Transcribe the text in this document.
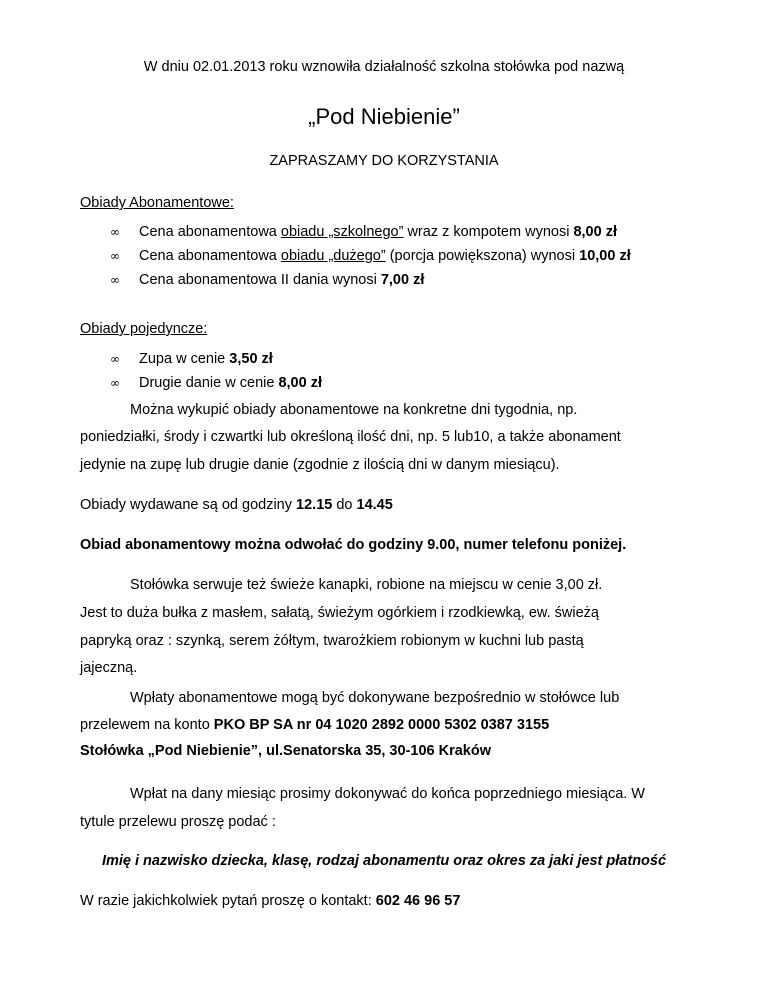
W dniu 02.01.2013 roku wznowiła działalność szkolna stołówka pod nazwą
„Pod Niebienie”
ZAPRASZAMY DO KORZYSTANIA
Obiady Abonamentowe:
∞ Cena abonamentowa obiadu „szkolnego” wraz z kompotem wynosi 8,00 zł
∞ Cena abonamentowa obiadu „dużego” (porcja powiększona) wynosi 10,00 zł
∞ Cena abonamentowa II dania wynosi 7,00 zł
Obiady pojedyncze:
∞ Zupa w cenie 3,50 zł
∞ Drugie danie w cenie 8,00 zł
Można wykupić obiady abonamentowe na konkretne dni tygodnia, np.
poniedziałki, środy i czwartki lub określoną ilość dni, np. 5 lub10, a także abonament
jedynie na zupę lub drugie danie (zgodnie z ilością dni w danym miesiącu).
Obiady wydawane są od godziny 12.15 do 14.45
Obiad abonamentowy można odwołać do godziny 9.00, numer telefonu poniżej.
Stołówka serwuje też świeże kanapki, robione na miejscu w cenie 3,00 zł.
Jest to duża bułka z masłem, sałatą, świeżym ogórkiem i rzodkiewką, ew. świeżą
papryką oraz : szynką, serem żółtym, twarożkiem robionym w kuchni lub pastą
jajeczną.
Wpłaty abonamentowe mogą być dokonywane bezpośrednio w stołówce lub
przelewem na konto PKO BP SA nr 04 1020 2892 0000 5302 0387 3155
Stołówka „Pod Niebienie”, ul.Senatorska 35, 30-106 Kraków
Wpłat na dany miesiąc prosimy dokonywać do końca poprzedniego miesiąca. W
tytule przelewu proszę podać :
Imię i nazwisko dziecka, klasę, rodzaj abonamentu oraz okres za jaki jest płatność
W razie jakichkolwiek pytań proszę o kontakt: 602 46 96 57
